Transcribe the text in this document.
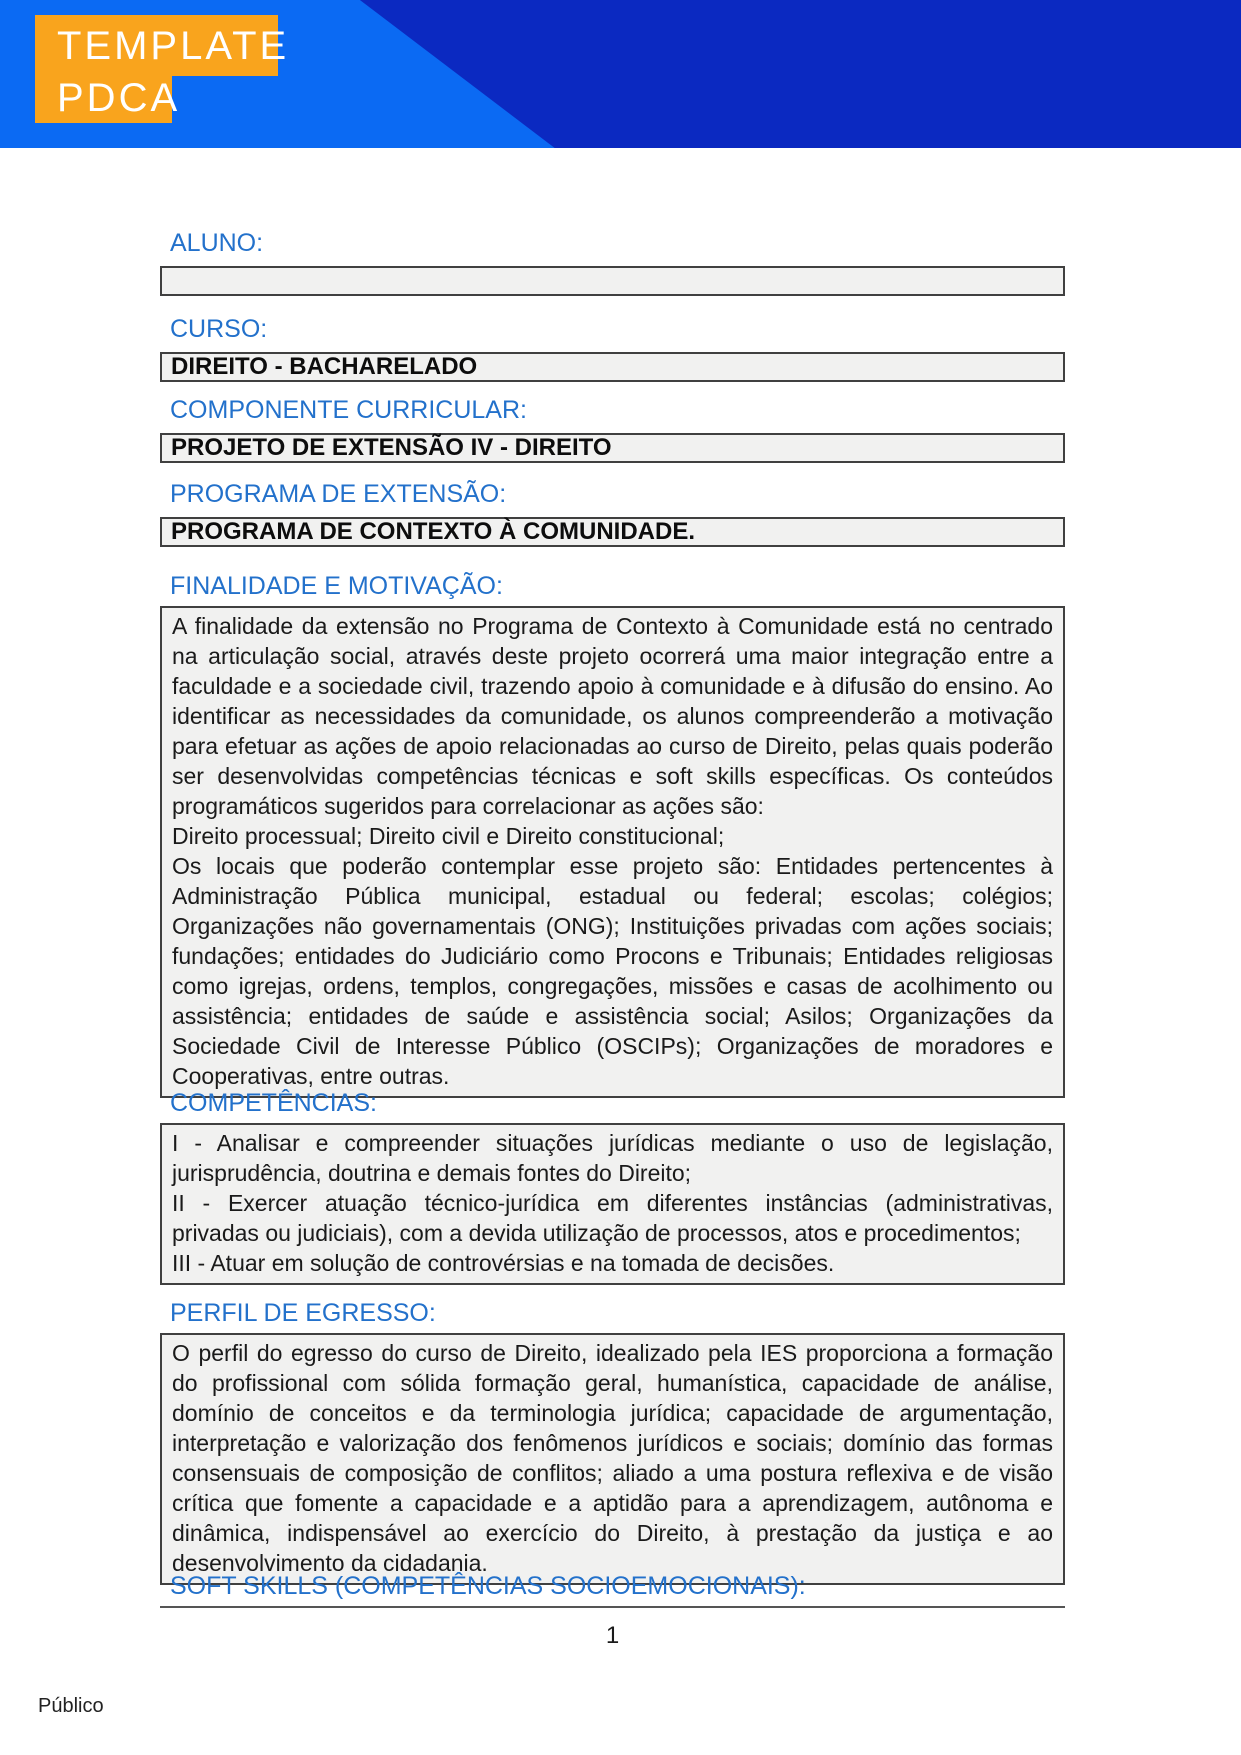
TEMPLATE
PDCA
ALUNO:
CURSO:
DIREITO - BACHARELADO
COMPONENTE CURRICULAR:
PROJETO DE EXTENSÃO IV - DIREITO
PROGRAMA DE EXTENSÃO:
PROGRAMA DE CONTEXTO À COMUNIDADE.
FINALIDADE E MOTIVAÇÃO:

A finalidade da extensão no Programa de Contexto à Comunidade está no centrado na articulação social, através deste projeto ocorrerá uma maior integração entre a faculdade e a sociedade civil, trazendo apoio à comunidade e à difusão do ensino. Ao identificar as necessidades da comunidade, os alunos compreenderão a motivação para efetuar as ações de apoio relacionadas ao curso de Direito, pelas quais poderão ser desenvolvidas competências técnicas e soft skills específicas. Os conteúdos programáticos sugeridos para correlacionar as ações são:

Direito processual; Direito civil e Direito constitucional;

Os locais que poderão contemplar esse projeto são: Entidades pertencentes à Administração Pública municipal, estadual ou federal; escolas; colégios; Organizações não governamentais (ONG); Instituições privadas com ações sociais; fundações; entidades do Judiciário como Procons e Tribunais; Entidades religiosas como igrejas, ordens, templos, congregações, missões e casas de acolhimento ou assistência; entidades de saúde e assistência social; Asilos; Organizações da Sociedade Civil de Interesse Público (OSCIPs); Organizações de moradores e Cooperativas, entre outras.

COMPETÊNCIAS:

I - Analisar e compreender situações jurídicas mediante o uso de legislação, jurisprudência, doutrina e demais fontes do Direito;

II - Exercer atuação técnico-jurídica em diferentes instâncias (administrativas, privadas ou judiciais), com a devida utilização de processos, atos e procedimentos;

III - Atuar em solução de controvérsias e na tomada de decisões.

PERFIL DE EGRESSO:

O perfil do egresso do curso de Direito, idealizado pela IES proporciona a formação do profissional com sólida formação geral, humanística, capacidade de análise, domínio de conceitos e da terminologia jurídica; capacidade de argumentação, interpretação e valorização dos fenômenos jurídicos e sociais; domínio das formas consensuais de composição de conflitos; aliado a uma postura reflexiva e de visão crítica que fomente a capacidade e a aptidão para a aprendizagem, autônoma e dinâmica, indispensável ao exercício do Direito, à prestação da justiça e ao desenvolvimento da cidadania.

SOFT SKILLS (COMPETÊNCIAS SOCIOEMOCIONAIS):
1
Público
